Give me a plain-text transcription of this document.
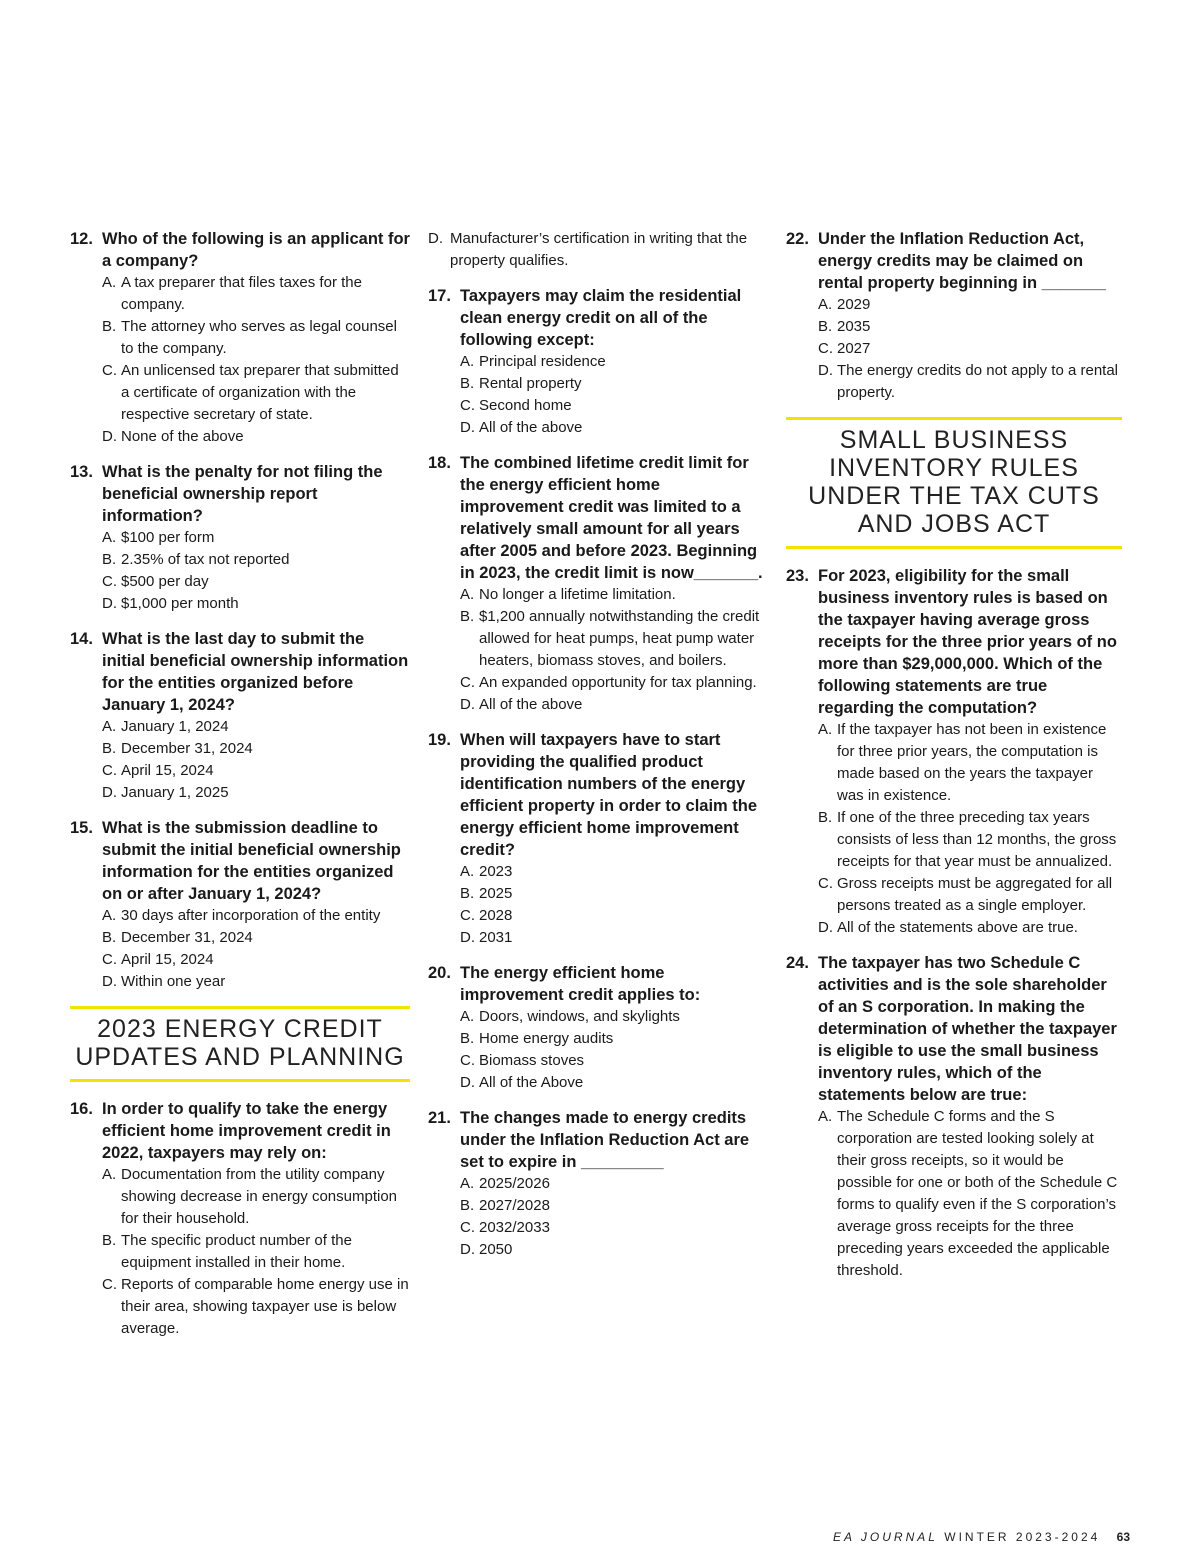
12. Who of the following is an applicant for a company?
A. A tax preparer that files taxes for the company.
B. The attorney who serves as legal counsel to the company.
C. An unlicensed tax preparer that submitted a certificate of organization with the respective secretary of state.
D. None of the above
13. What is the penalty for not filing the beneficial ownership report information?
A. $100 per form
B. 2.35% of tax not reported
C. $500 per day
D. $1,000 per month
14. What is the last day to submit the initial beneficial ownership information for the entities organized before January 1, 2024?
A. January 1, 2024
B. December 31, 2024
C. April 15, 2024
D. January 1, 2025
15. What is the submission deadline to submit the initial beneficial ownership information for the entities organized on or after January 1, 2024?
A. 30 days after incorporation of the entity
B. December 31, 2024
C. April 15, 2024
D. Within one year
2023 ENERGY CREDIT UPDATES AND PLANNING
16. In order to qualify to take the energy efficient home improvement credit in 2022, taxpayers may rely on:
A. Documentation from the utility company showing decrease in energy consumption for their household.
B. The specific product number of the equipment installed in their home.
C. Reports of comparable home energy use in their area, showing taxpayer use is below average.
D. Manufacturer’s certification in writing that the property qualifies.
17. Taxpayers may claim the residential clean energy credit on all of the following except:
A. Principal residence
B. Rental property
C. Second home
D. All of the above
18. The combined lifetime credit limit for the energy efficient home improvement credit was limited to a relatively small amount for all years after 2005 and before 2023. Beginning in 2023, the credit limit is now_______.
A. No longer a lifetime limitation.
B. $1,200 annually notwithstanding the credit allowed for heat pumps, heat pump water heaters, biomass stoves, and boilers.
C. An expanded opportunity for tax planning.
D. All of the above
19. When will taxpayers have to start providing the qualified product identification numbers of the energy efficient property in order to claim the energy efficient home improvement credit?
A. 2023
B. 2025
C. 2028
D. 2031
20. The energy efficient home improvement credit applies to:
A. Doors, windows, and skylights
B. Home energy audits
C. Biomass stoves
D. All of the Above
21. The changes made to energy credits under the Inflation Reduction Act are set to expire in _________
A. 2025/2026
B. 2027/2028
C. 2032/2033
D. 2050
22. Under the Inflation Reduction Act, energy credits may be claimed on rental property beginning in _______
A. 2029
B. 2035
C. 2027
D. The energy credits do not apply to a rental property.
SMALL BUSINESS INVENTORY RULES UNDER THE TAX CUTS AND JOBS ACT
23. For 2023, eligibility for the small business inventory rules is based on the taxpayer having average gross receipts for the three prior years of no more than $29,000,000. Which of the following statements are true regarding the computation?
A. If the taxpayer has not been in existence for three prior years, the computation is made based on the years the taxpayer was in existence.
B. If one of the three preceding tax years consists of less than 12 months, the gross receipts for that year must be annualized.
C. Gross receipts must be aggregated for all persons treated as a single employer.
D. All of the statements above are true.
24. The taxpayer has two Schedule C activities and is the sole shareholder of an S corporation. In making the determination of whether the taxpayer is eligible to use the small business inventory rules, which of the statements below are true:
A. The Schedule C forms and the S corporation are tested looking solely at their gross receipts, so it would be possible for one or both of the Schedule C forms to qualify even if the S corporation’s average gross receipts for the three preceding years exceeded the applicable threshold.
EA JOURNAL WINTER 2023-2024 63
